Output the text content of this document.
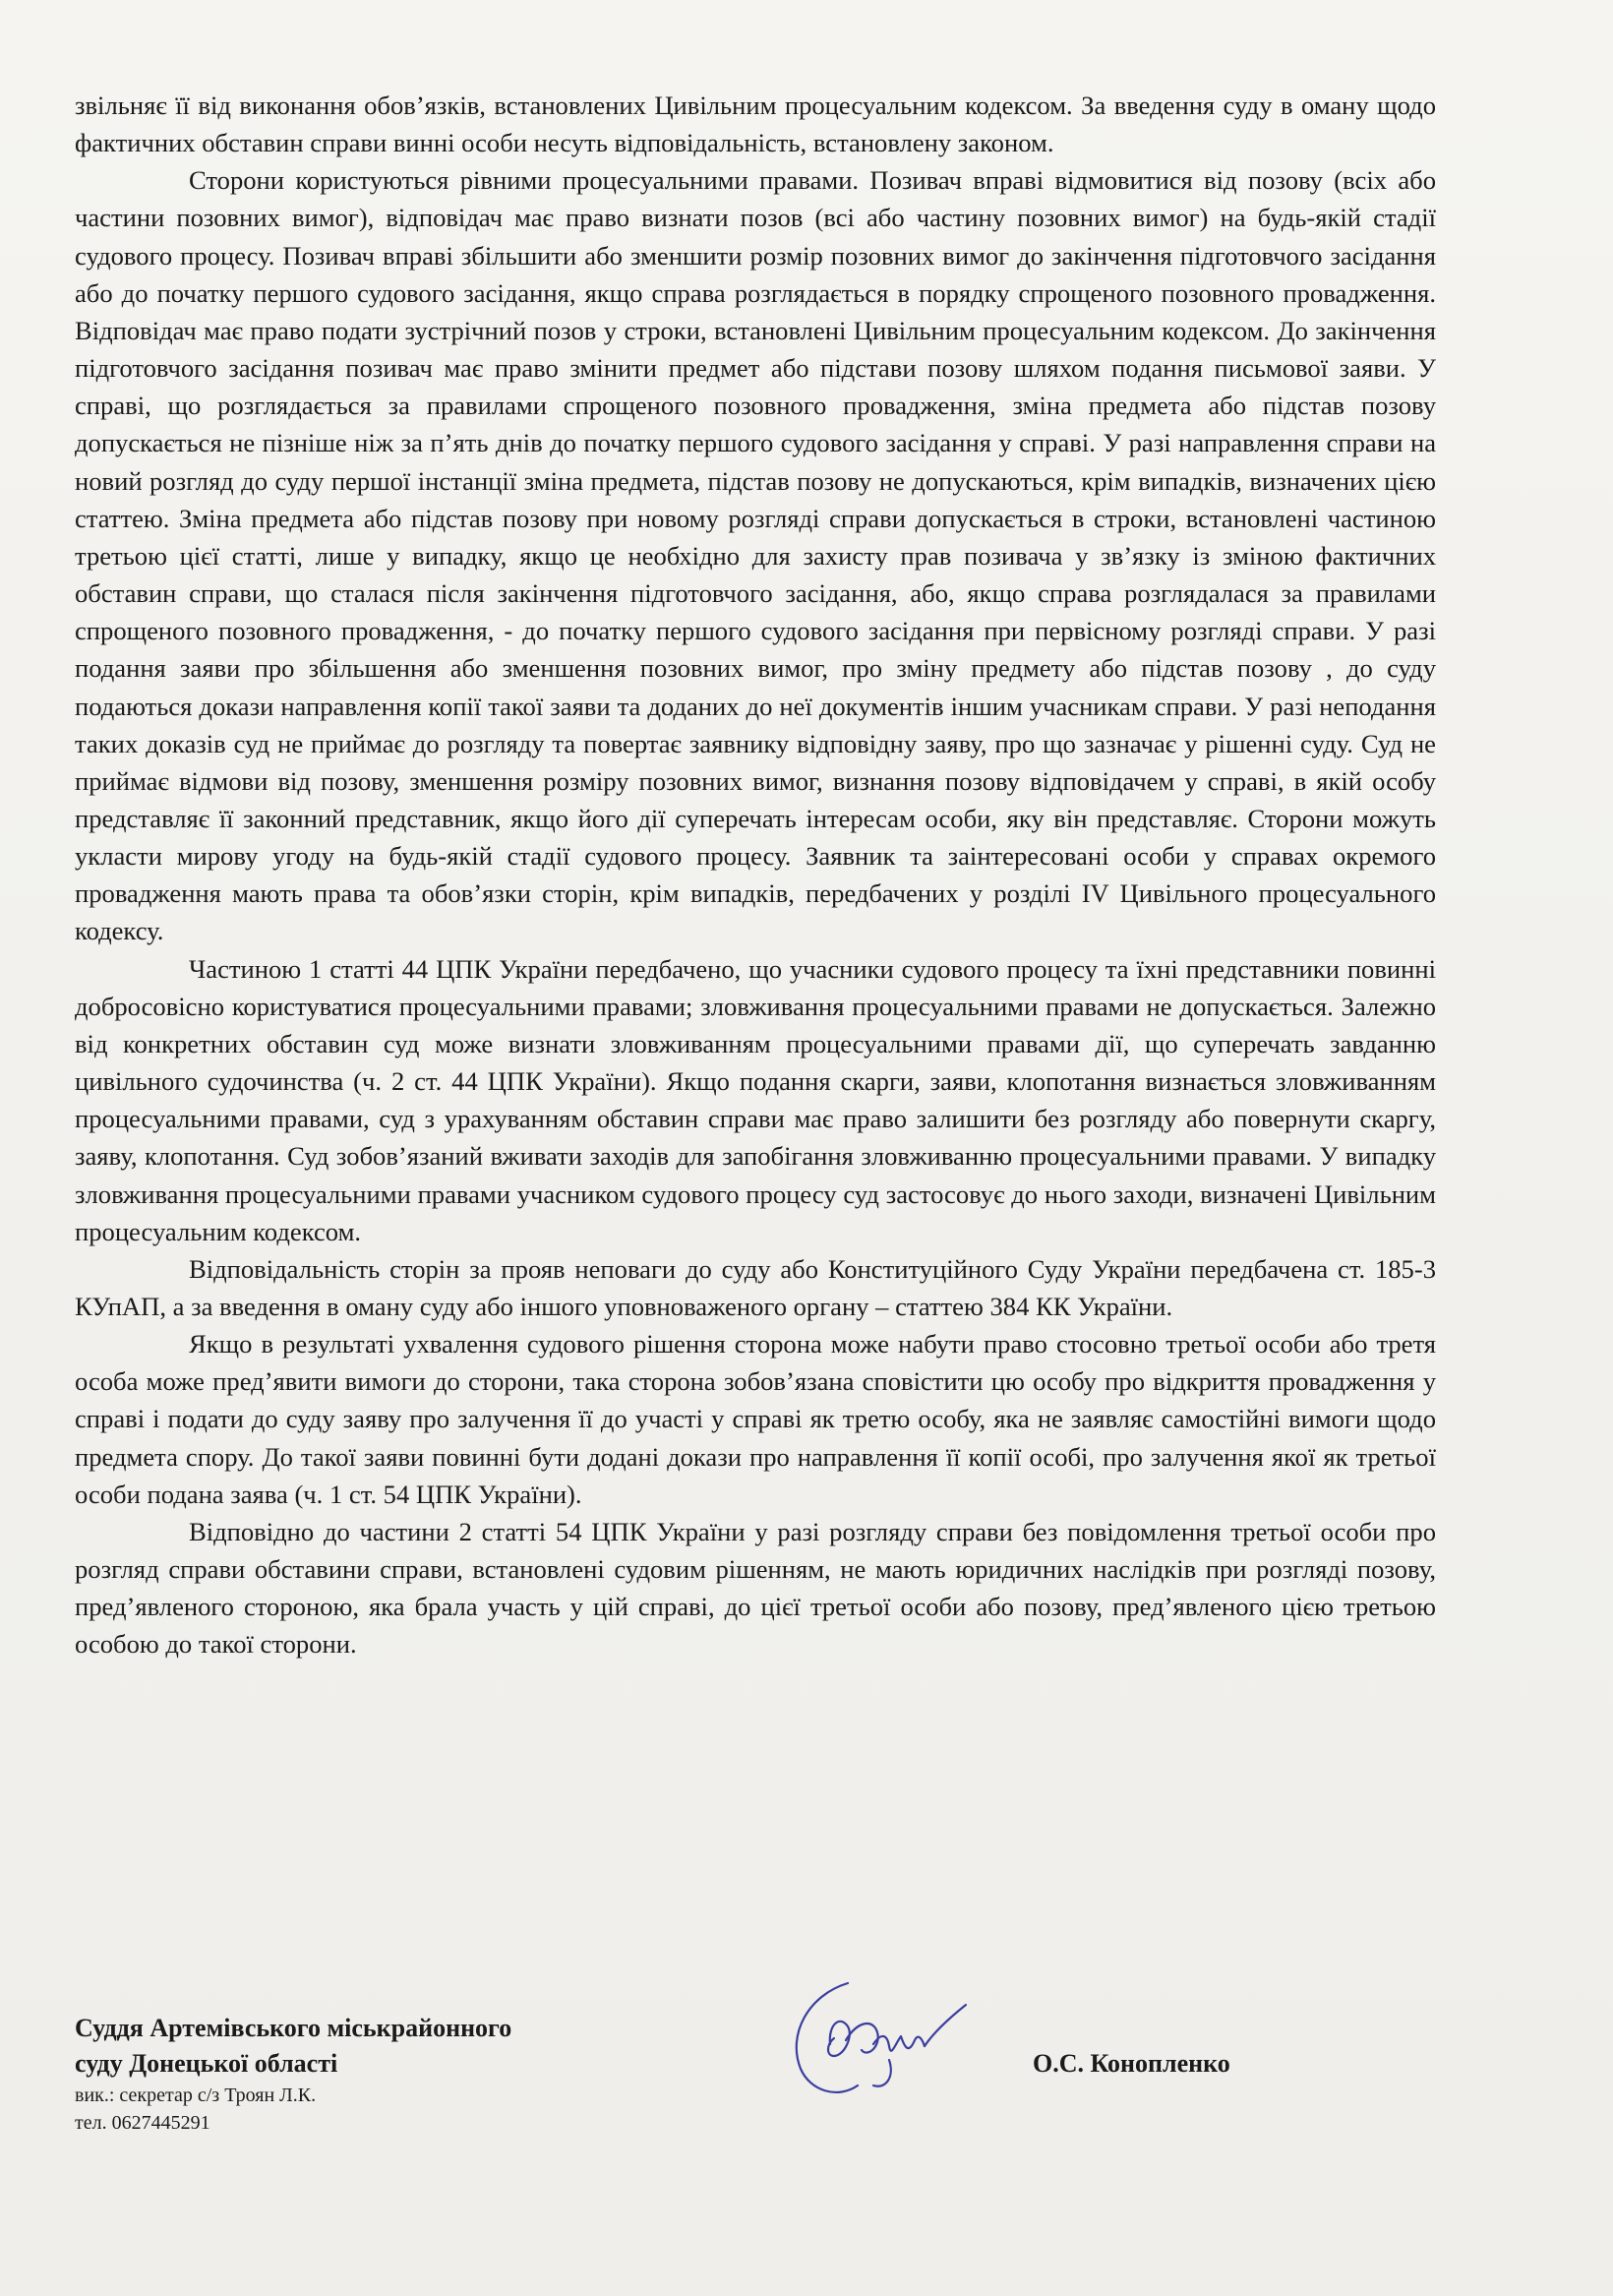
звільняє її від виконання обов’язків, встановлених Цивільним процесуальним кодексом. За введення суду в оману щодо фактичних обставин справи винні особи несуть відповідальність, встановлену законом.

Сторони користуються рівними процесуальними правами. Позивач вправі відмовитися від позову (всіх або частини позовних вимог), відповідач має право визнати позов (всі або частину позовних вимог) на будь-якій стадії судового процесу. Позивач вправі збільшити або зменшити розмір позовних вимог до закінчення підготовчого засідання або до початку першого судового засідання, якщо справа розглядається в порядку спрощеного позовного провадження. Відповідач має право подати зустрічний позов у строки, встановлені Цивільним процесуальним кодексом. До закінчення підготовчого засідання позивач має право змінити предмет або підстави позову шляхом подання письмової заяви. У справі, що розглядається за правилами спрощеного позовного провадження, зміна предмета або підстав позову допускається не пізніше ніж за п’ять днів до початку першого судового засідання у справі. У разі направлення справи на новий розгляд до суду першої інстанції зміна предмета, підстав позову не допускаються, крім випадків, визначених цією статтею. Зміна предмета або підстав позову при новому розгляді справи допускається в строки, встановлені частиною третьою цієї статті, лише у випадку, якщо це необхідно для захисту прав позивача у зв’язку із зміною фактичних обставин справи, що сталася після закінчення підготовчого засідання, або, якщо справа розглядалася за правилами спрощеного позовного провадження, - до початку першого судового засідання при первісному розгляді справи. У разі подання заяви про збільшення або зменшення позовних вимог, про зміну предмету або підстав позову , до суду подаються докази направлення копії такої заяви та доданих до неї документів іншим учасникам справи. У разі неподання таких доказів суд не приймає до розгляду та повертає заявнику відповідну заяву, про що зазначає у рішенні суду. Суд не приймає відмови від позову, зменшення розміру позовних вимог, визнання позову відповідачем у справі, в якій особу представляє її законний представник, якщо його дії суперечать інтересам особи, яку він представляє. Сторони можуть укласти мирову угоду на будь-якій стадії судового процесу. Заявник та заінтересовані особи у справах окремого провадження мають права та обов’язки сторін, крім випадків, передбачених у розділі IV Цивільного процесуального кодексу.

Частиною 1 статті 44 ЦПК України передбачено, що учасники судового процесу та їхні представники повинні добросовісно користуватися процесуальними правами; зловживання процесуальними правами не допускається. Залежно від конкретних обставин суд може визнати зловживанням процесуальними правами дії, що суперечать завданню цивільного судочинства (ч. 2 ст. 44 ЦПК України). Якщо подання скарги, заяви, клопотання визнається зловживанням процесуальними правами, суд з урахуванням обставин справи має право залишити без розгляду або повернути скаргу, заяву, клопотання. Суд зобов’язаний вживати заходів для запобігання зловживанню процесуальними правами. У випадку зловживання процесуальними правами учасником судового процесу суд застосовує до нього заходи, визначені Цивільним процесуальним кодексом.

Відповідальність сторін за прояв неповаги до суду або Конституційного Суду України передбачена ст. 185-3 КУпАП, а за введення в оману суду або іншого уповноваженого органу – статтею 384 КК України.

Якщо в результаті ухвалення судового рішення сторона може набути право стосовно третьої особи або третя особа може пред’явити вимоги до сторони, така сторона зобов’язана сповістити цю особу про відкриття провадження у справі і подати до суду заяву про залучення її до участі у справі як третю особу, яка не заявляє самостійні вимоги щодо предмета спору. До такої заяви повинні бути додані докази про направлення її копії особі, про залучення якої як третьої особи подана заява (ч. 1 ст. 54 ЦПК України).

Відповідно до частини 2 статті 54 ЦПК України у разі розгляду справи без повідомлення третьої особи про розгляд справи обставини справи, встановлені судовим рішенням, не мають юридичних наслідків при розгляді позову, пред’явленого стороною, яка брала участь у цій справі, до цієї третьої особи або позову, пред’явленого цією третьою особою до такої сторони.

Суддя Артемівського міськрайонного
суду Донецької області
вик.: секретар с/з Троян Л.К.
тел. 0627445291
О.С. Конопленко
